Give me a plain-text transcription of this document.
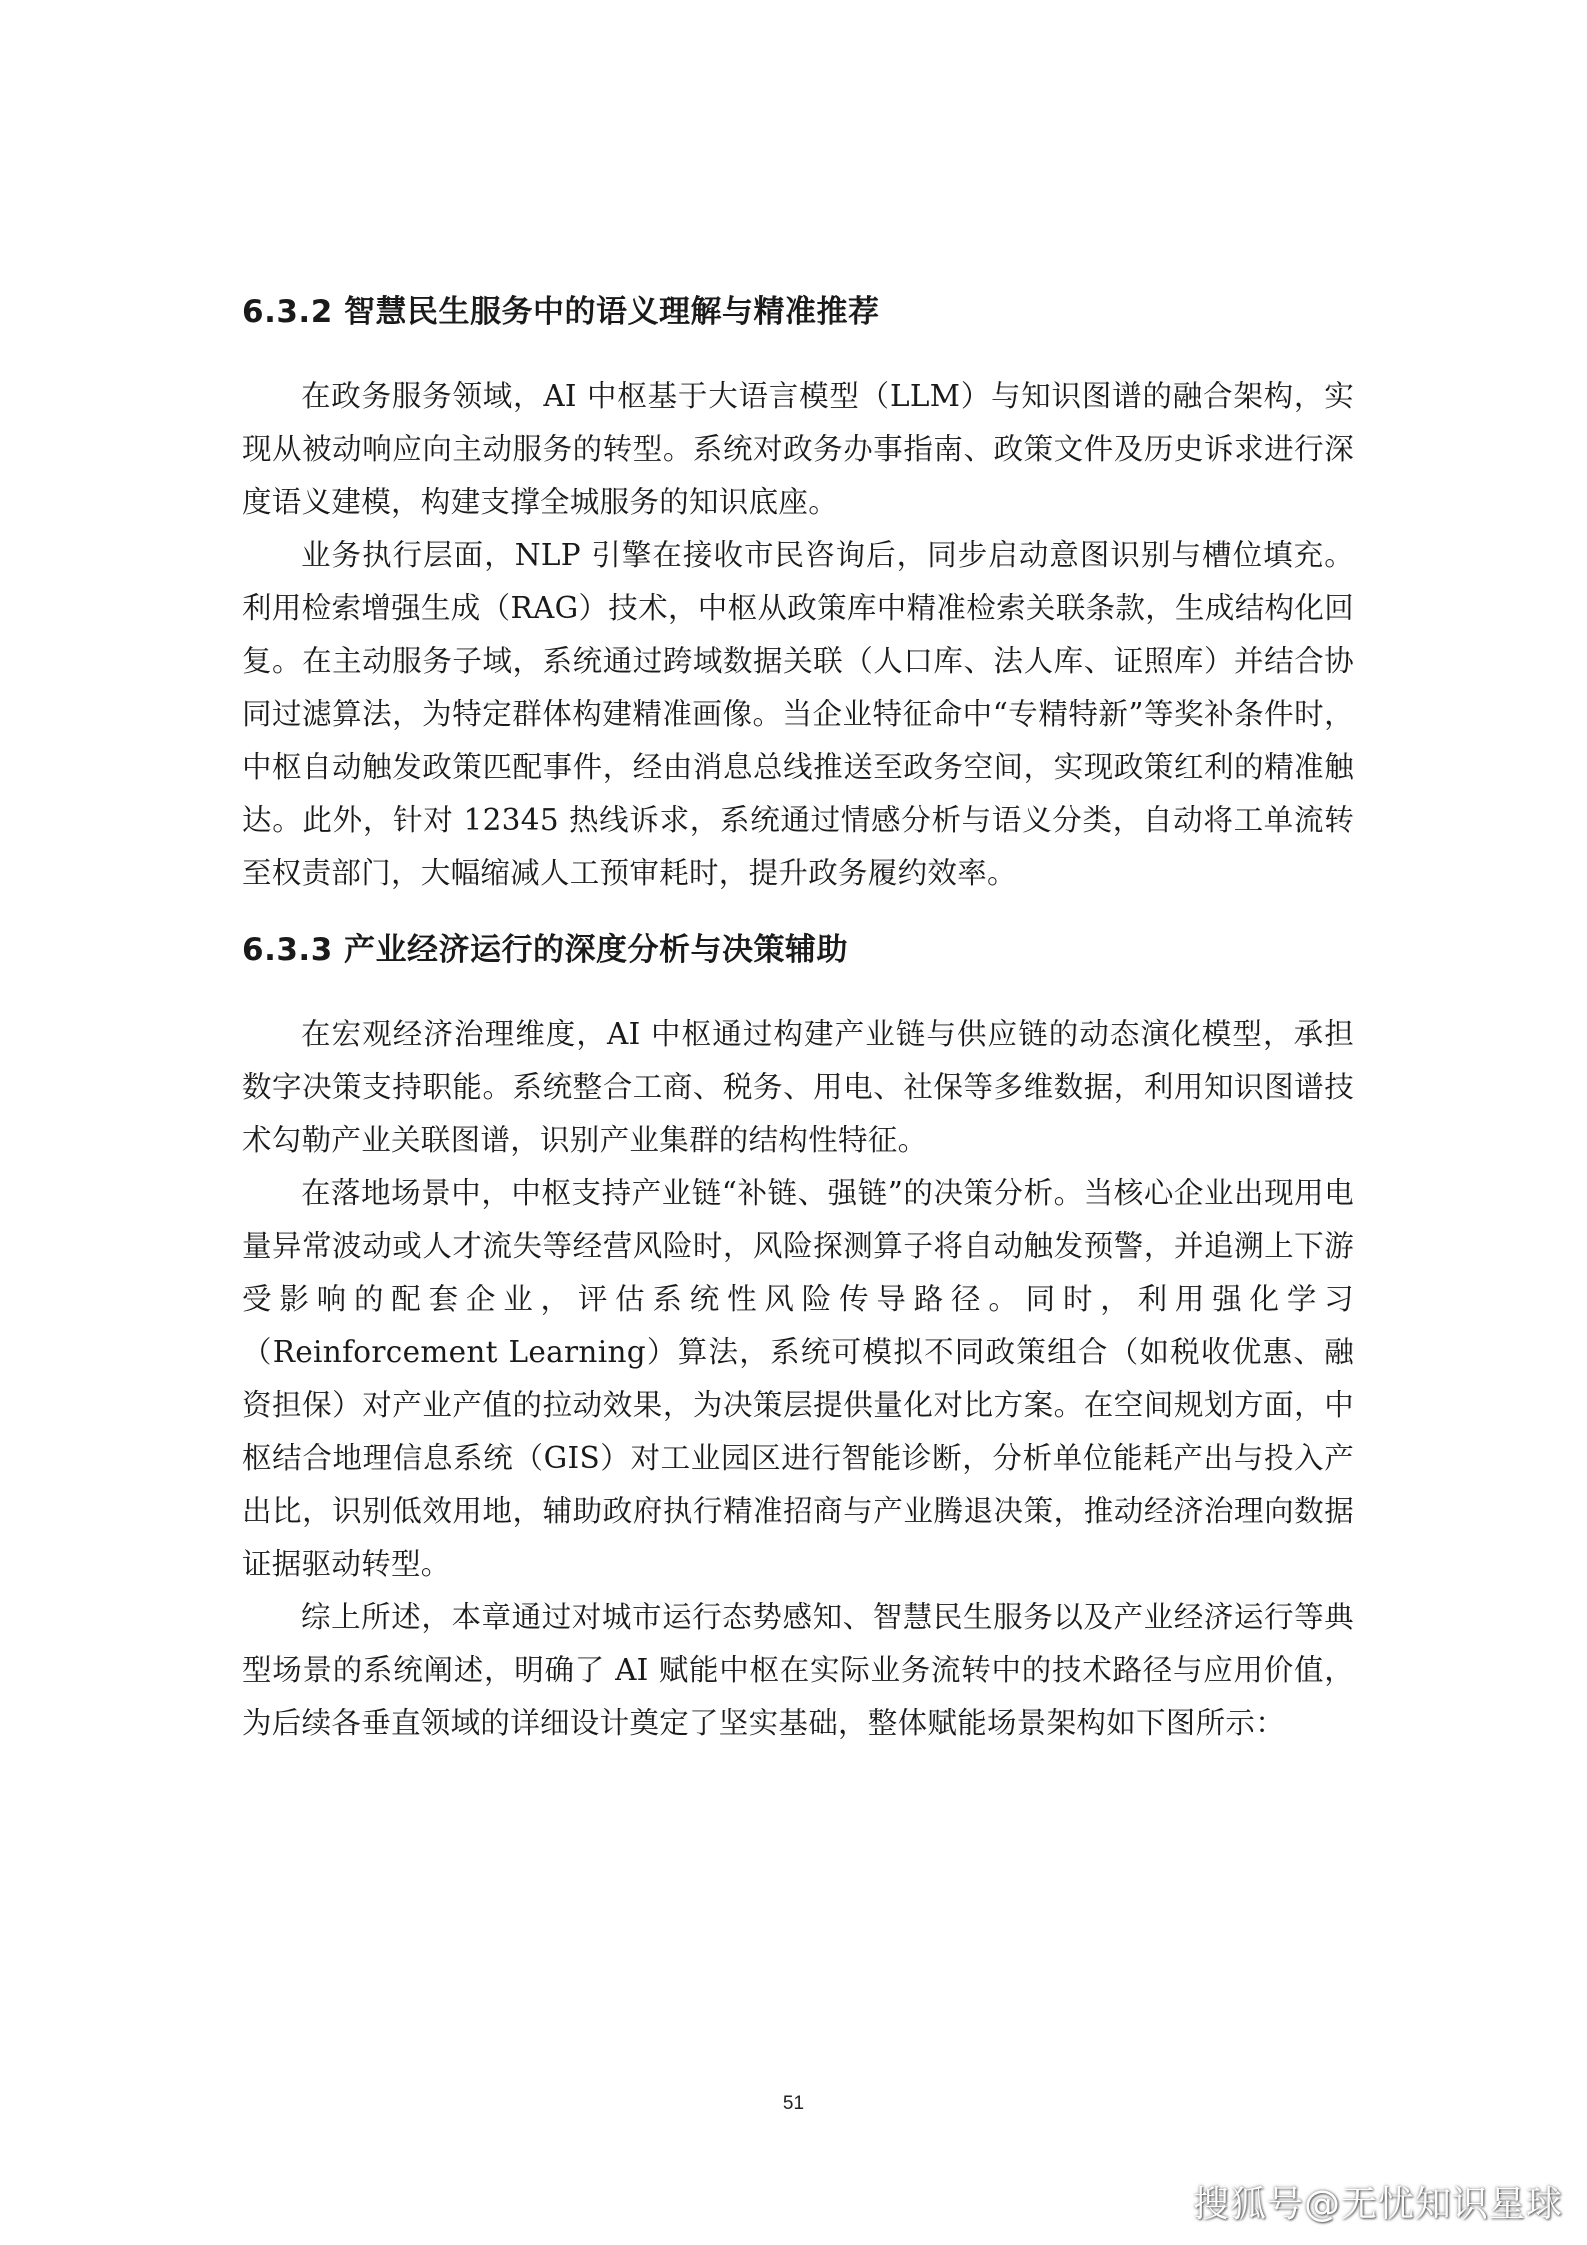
6.3.2 智慧民生服务中的语义理解与精准推荐

在政务服务领域，AI 中枢基于大语言模型（LLM）与知识图谱的融合架构，实现从被动响应向主动服务的转型。系统对政务办事指南、政策文件及历史诉求进行深度语义建模，构建支撑全城服务的知识底座。

业务执行层面，NLP 引擎在接收市民咨询后，同步启动意图识别与槽位填充。利用检索增强生成（RAG）技术，中枢从政策库中精准检索关联条款，生成结构化回复。在主动服务子域，系统通过跨域数据关联（人口库、法人库、证照库）并结合协同过滤算法，为特定群体构建精准画像。当企业特征命中“专精特新”等奖补条件时，中枢自动触发政策匹配事件，经由消息总线推送至政务空间，实现政策红利的精准触达。此外，针对 12345 热线诉求，系统通过情感分析与语义分类，自动将工单流转至权责部门，大幅缩减人工预审耗时，提升政务履约效率。

6.3.3 产业经济运行的深度分析与决策辅助

在宏观经济治理维度，AI 中枢通过构建产业链与供应链的动态演化模型，承担数字决策支持职能。系统整合工商、税务、用电、社保等多维数据，利用知识图谱技术勾勒产业关联图谱，识别产业集群的结构性特征。

在落地场景中，中枢支持产业链“补链、强链”的决策分析。当核心企业出现用电量异常波动或人才流失等经营风险时，风险探测算子将自动触发预警，并追溯上下游受影响的配套企业，评估系统性风险传导路径。同时，利用强化学习（Reinforcement Learning）算法，系统可模拟不同政策组合（如税收优惠、融资担保）对产业产值的拉动效果，为决策层提供量化对比方案。在空间规划方面，中枢结合地理信息系统（GIS）对工业园区进行智能诊断，分析单位能耗产出与投入产出比，识别低效用地，辅助政府执行精准招商与产业腾退决策，推动经济治理向数据证据驱动转型。

综上所述，本章通过对城市运行态势感知、智慧民生服务以及产业经济运行等典型场景的系统阐述，明确了 AI 赋能中枢在实际业务流转中的技术路径与应用价值，为后续各垂直领域的详细设计奠定了坚实基础，整体赋能场景架构如下图所示：

51
搜狐号@无忧知识星球
